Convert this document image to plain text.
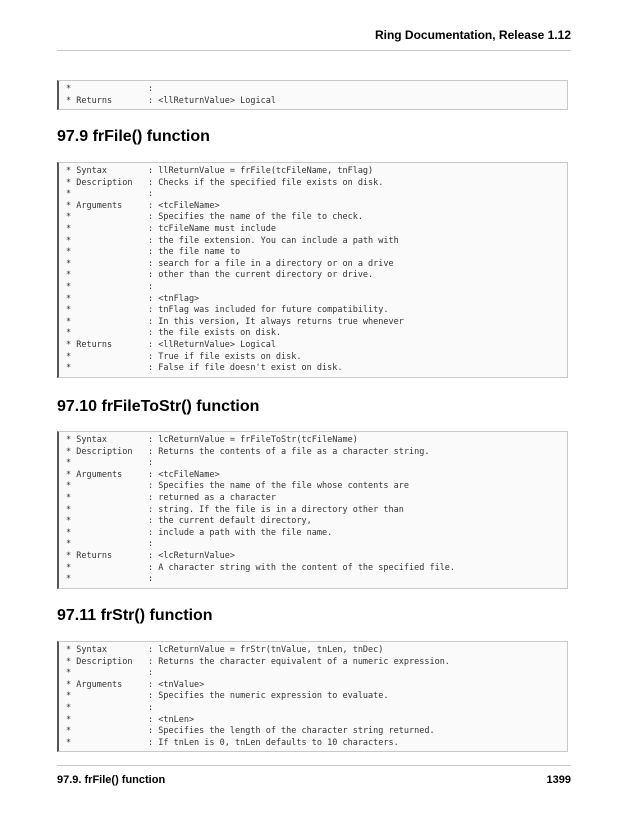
Ring Documentation, Release 1.12
*	:
* Returns	: <llReturnValue> Logical
97.9 frFile() function
* Syntax	: llReturnValue = frFile(tcFileName, tnFlag)
* Description : Checks if the specified file exists on disk.
*	:
* Arguments	: <tcFileName>
*	: Specifies the name of the file to check.
*	: tcFileName must include
*	: the file extension. You can include a path with
*	: the file name to
*	: search for a file in a directory or on a drive
*	: other than the current directory or drive.
*	:
*	: <tnFlag>
*	: tnFlag was included for future compatibility.
*	: In this version, It always returns true whenever
*	: the file exists on disk.
* Returns	: <llReturnValue> Logical
*	: True if file exists on disk.
*	: False if file doesn't exist on disk.
97.10 frFileToStr() function
* Syntax	: lcReturnValue = frFileToStr(tcFileName)
* Description : Returns the contents of a file as a character string.
*	:
* Arguments	: <tcFileName>
*	: Specifies the name of the file whose contents are
*	: returned as a character
*	: string. If the file is in a directory other than
*	: the current default directory,
*	: include a path with the file name.
*	:
* Returns	: <lcReturnValue>
*	: A character string with the content of the specified file.
*	:
97.11 frStr() function
* Syntax	: lcReturnValue = frStr(tnValue, tnLen, tnDec)
* Description : Returns the character equivalent of a numeric expression.
*	:
* Arguments	: <tnValue>
*	: Specifies the numeric expression to evaluate.
*	:
*	: <tnLen>
*	: Specifies the length of the character string returned.
*	: If tnLen is 0, tnLen defaults to 10 characters.
97.9. frFile() function	1399
